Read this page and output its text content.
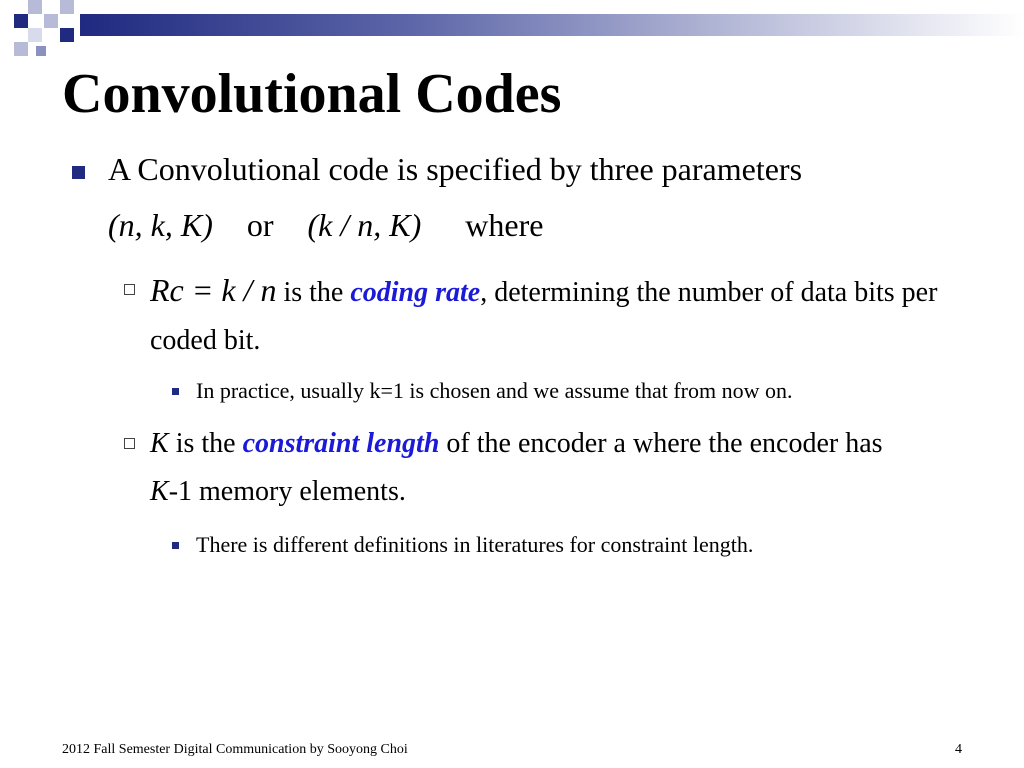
Convolutional Codes
A Convolutional code is specified by three parameters
(n, k, K) or (k / n, K) where
Rc = k / n is the coding rate, determining the number of data bits per coded bit.
In practice, usually k=1 is chosen and we assume that from now on.
K is the constraint length of the encoder a where the encoder has K-1 memory elements.
There is different definitions in literatures for constraint length.
2012 Fall Semester Digital Communication by Sooyong Choi	4
